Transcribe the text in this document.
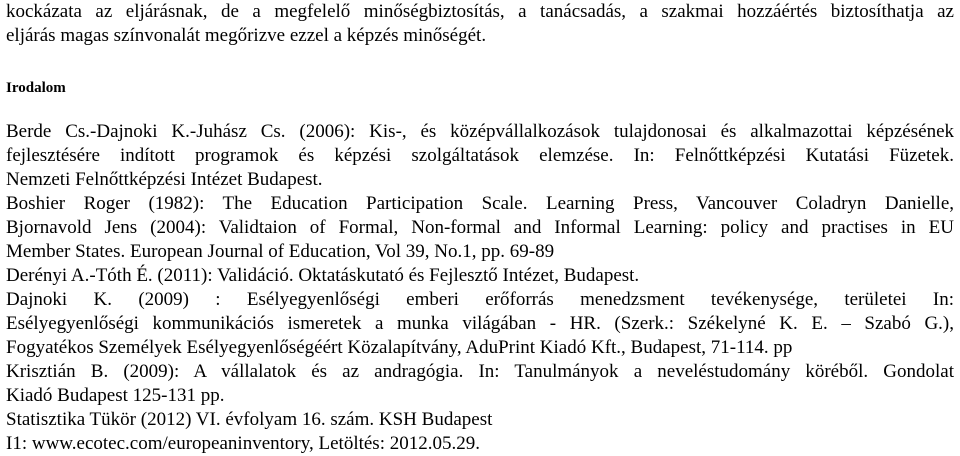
kockázata az eljárásnak, de a megfelelő minőségbiztosítás, a tanácsadás, a szakmai hozzáértés biztosíthatja az
eljárás magas színvonalát megőrizve ezzel a képzés minőségét.
Irodalom
Berde Cs.-Dajnoki K.-Juhász Cs. (2006): Kis-, és középvállalkozások tulajdonosai és alkalmazottai képzésének
fejlesztésére indított programok és képzési szolgáltatások elemzése. In: Felnőttképzési Kutatási Füzetek.
Nemzeti Felnőttképzési Intézet Budapest.
Boshier Roger (1982): The Education Participation Scale. Learning Press, Vancouver Coladryn Danielle,
Bjornavold Jens (2004): Validtaion of Formal, Non-formal and Informal Learning: policy and practises in EU
Member States. European Journal of Education, Vol 39, No.1, pp. 69-89
Derényi A.-Tóth É. (2011): Validáció. Oktatáskutató és Fejlesztő Intézet, Budapest.
Dajnoki K. (2009) : Esélyegyenlőségi emberi erőforrás menedzsment tevékenysége, területei In:
Esélyegyenlőségi kommunikációs ismeretek a munka világában - HR. (Szerk.: Székelyné K. E. – Szabó G.),
Fogyatékos Személyek Esélyegyenlőségéért Közalapítvány, AduPrint Kiadó Kft., Budapest, 71-114. pp
Krisztián B. (2009): A vállalatok és az andragógia. In: Tanulmányok a neveléstudomány köréből. Gondolat
Kiadó Budapest 125-131 pp.
Statisztika Tükör (2012) VI. évfolyam 16. szám. KSH Budapest
I1: www.ecotec.com/europeaninventory, Letöltés: 2012.05.29.
